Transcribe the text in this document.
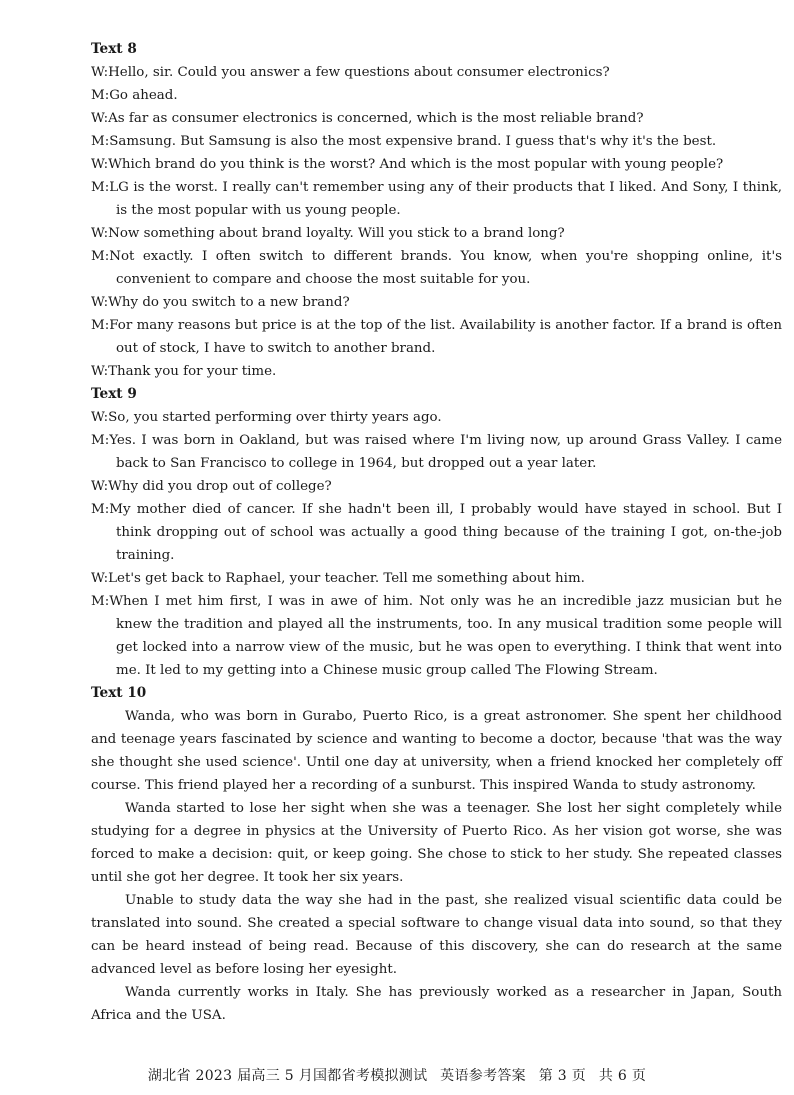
Text 8
W:Hello, sir. Could you answer a few questions about consumer electronics?
M:Go ahead.
W:As far as consumer electronics is concerned, which is the most reliable brand?
M:Samsung. But Samsung is also the most expensive brand. I guess that's why it's the best.
W:Which brand do you think is the worst? And which is the most popular with young people?
M:LG is the worst. I really can't remember using any of their products that I liked. And Sony, I think, is the most popular with us young people.
W:Now something about brand loyalty. Will you stick to a brand long?
M:Not exactly. I often switch to different brands. You know, when you're shopping online, it's convenient to compare and choose the most suitable for you.
W:Why do you switch to a new brand?
M:For many reasons but price is at the top of the list. Availability is another factor. If a brand is often out of stock, I have to switch to another brand.
W:Thank you for your time.
Text 9
W:So, you started performing over thirty years ago.
M:Yes. I was born in Oakland, but was raised where I'm living now, up around Grass Valley. I came back to San Francisco to college in 1964, but dropped out a year later.
W:Why did you drop out of college?
M:My mother died of cancer. If she hadn't been ill, I probably would have stayed in school. But I think dropping out of school was actually a good thing because of the training I got, on-the-job training.
W:Let's get back to Raphael, your teacher. Tell me something about him.
M:When I met him first, I was in awe of him. Not only was he an incredible jazz musician but he knew the tradition and played all the instruments, too. In any musical tradition some people will get locked into a narrow view of the music, but he was open to everything. I think that went into me. It led to my getting into a Chinese music group called The Flowing Stream.
Text 10
Wanda, who was born in Gurabo, Puerto Rico, is a great astronomer. She spent her childhood and teenage years fascinated by science and wanting to become a doctor, because 'that was the way she thought she used science'. Until one day at university, when a friend knocked her completely off course. This friend played her a recording of a sunburst. This inspired Wanda to study astronomy.
Wanda started to lose her sight when she was a teenager. She lost her sight completely while studying for a degree in physics at the University of Puerto Rico. As her vision got worse, she was forced to make a decision: quit, or keep going. She chose to stick to her study. She repeated classes until she got her degree. It took her six years.
Unable to study data the way she had in the past, she realized visual scientific data could be translated into sound. She created a special software to change visual data into sound, so that they can be heard instead of being read. Because of this discovery, she can do research at the same advanced level as before losing her eyesight.
Wanda currently works in Italy. She has previously worked as a researcher in Japan, South Africa and the USA.
湖北省 2023 届高三 5 月国都省考模拟测试 英语参考答案 第 3 页 共 6 页
